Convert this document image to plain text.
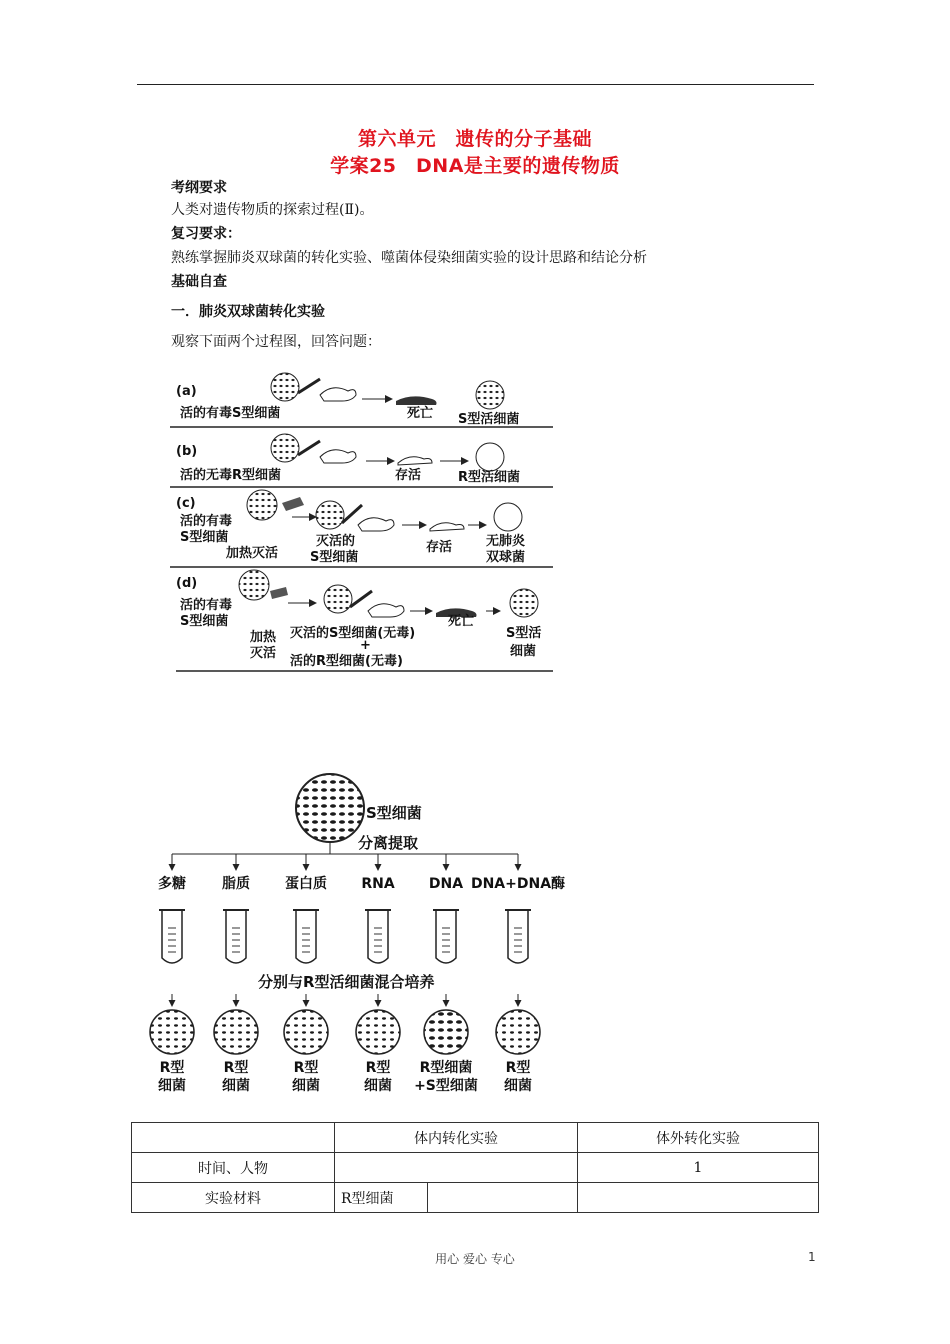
第六单元　遗传的分子基础
学案25　DNA是主要的遗传物质
考纲要求
人类对遗传物质的探索过程(Ⅱ)。
复习要求：
熟练掌握肺炎双球菌的转化实验、噬菌体侵染细菌实验的设计思路和结论分析
基础自查
一．肺炎双球菌转化实验
观察下面两个过程图，回答问题：
(a)
活的有毒S型细菌	死亡 S型活细菌
(b)
活的无毒R型细菌	存活	R型活细菌
(c)
活的有毒
S型细菌
加热灭活
灭活的
S型细菌
存活	无肺炎
双球菌
(d)
活的有毒
S型细菌
加热
灭活
灭活的S型细菌(无毒)
+
活的R型细菌(无毒)
死亡
S型活
细菌
S型细菌
分离提取
多糖
R型
细菌
脂质
R型
细菌
蛋白质
R型
细菌
RNA
R型
细菌
DNA
R型细菌
+S型细菌
DNA+DNA酶
R型
细菌
分别与R型活细菌混合培养
	体内转化实验		体外转化实验
时间、人物			1
实验材料	R型细菌		
用心 爱心 专心	1
